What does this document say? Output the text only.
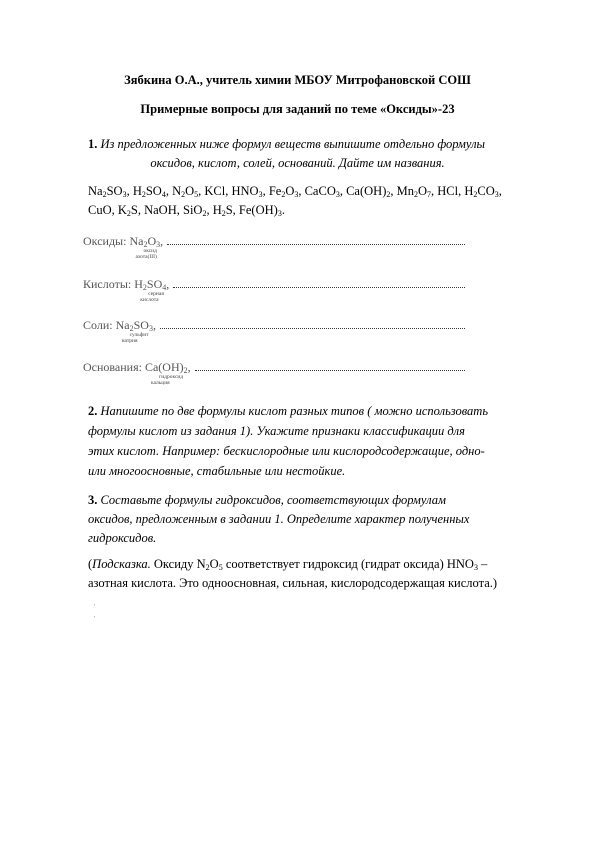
Зябкина О.А., учитель химии МБОУ Митрофановской СОШ
Примерные вопросы для заданий по теме «Оксиды»-23
1. Из предложенных ниже формул веществ выпишите отдельно формулы
оксидов, кислот, солей, оснований. Дайте им названия.
$Na_2SO_3$, $H_2SO_4$, $N_2O_5$, KCl, $HNO_3$, $Fe_2O_3$, CaCO$_3$, $Ca(OH)_2$, $Mn_2O_7$, HCl, $H_2CO_3$,
CuO, $K_2S$, NaOH, SiO$_2$, $H_2S$, $Fe(OH)_3$.
Оксиды: $Na_2O_3$,
оксид
азота(III)
Кислоты: $H_2SO_4$,
серная
кислота
Соли: $Na_2SO_3$,
сульфит
натрия
Основания: $Ca(OH)_2$,
гидроксид
кальция
2. Напишите по две формулы кислот разных типов ( можно использовать
формулы кислот из задания 1). Укажите признаки классификации для
этих кислот. Например: бескислородные или кислородсодержащие, одно-
или многоосновные, стабильные или нестойкие.
3. Составьте формулы гидроксидов, соответствующих формулам
оксидов, предложенным в задании 1. Определите характер полученных
гидроксидов.
(Подсказка. Оксиду $N_2O_5$ соответствует гидроксид (гидрат оксида) $HNO_3$ –
азотная кислота. Это одноосновная, сильная, кислородсодержащая кислота.)
'
'
